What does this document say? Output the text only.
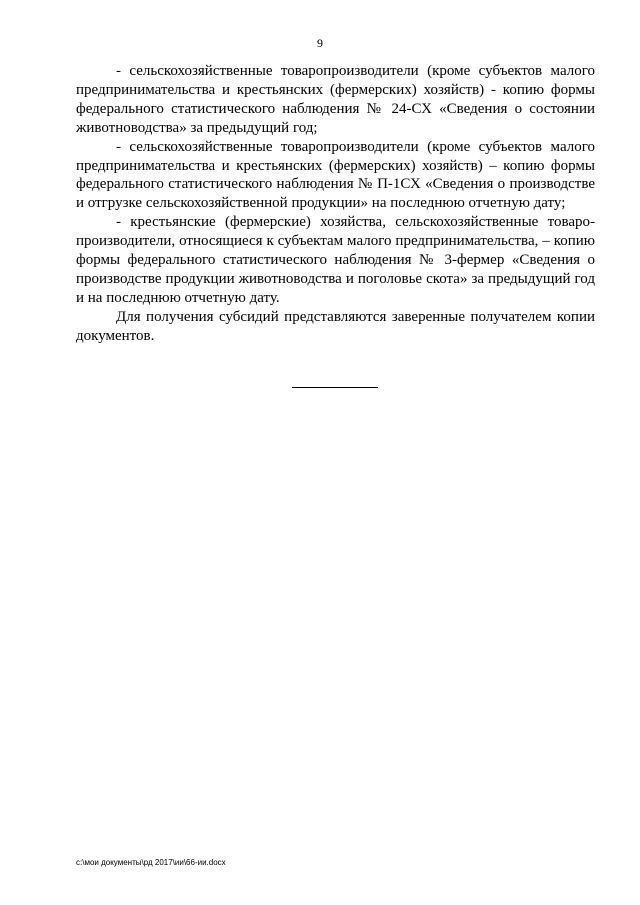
9

- сельскохозяйственные товаропроизводители (кроме субъектов малого предпринимательства и крестьянских (фермерских) хозяйств) - копию формы федерального статистического наблюдения № 24-СХ «Сведения о состоянии животноводства» за предыдущий год;

- сельскохозяйственные товаропроизводители (кроме субъектов малого предпринимательства и крестьянских (фермерских) хозяйств) – копию формы федерального статистического наблюдения № П-1СХ «Сведения о производстве и отгрузке сельскохозяйственной продукции» на последнюю отчетную дату;

- крестьянские (фермерские) хозяйства, сельскохозяйственные товаропроизводители, относящиеся к субъектам малого предпринимательства, – копию формы федерального статистического наблюдения № 3-фермер «Сведения о производстве продукции животноводства и поголовье скота» за предыдущий год и на последнюю отчетную дату.

Для получения субсидий представляются заверенные получателем копии документов.

c:\мои документы\рд 2017\ии\66-ии.docx
